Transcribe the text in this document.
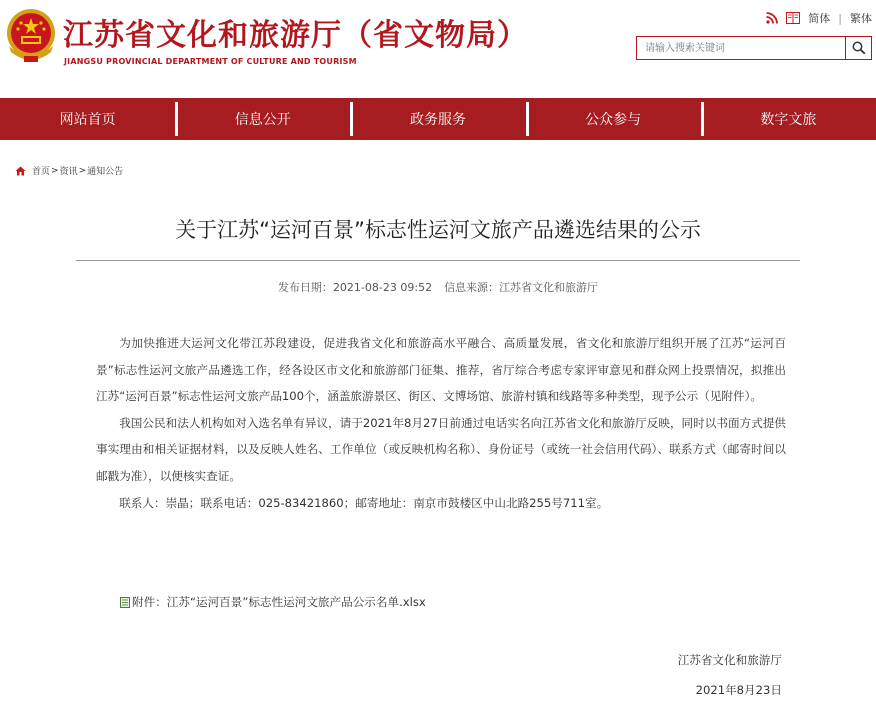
江苏省文化和旅游厅（省文物局）
JIANGSU PROVINCIAL DEPARTMENT OF CULTURE AND TOURISM
简体 | 繁体
请输入搜索关键词
网站首页	信息公开	政务服务	公众参与	数字文旅
首页 > 资讯 > 通知公告
关于江苏“运河百景”标志性运河文旅产品遴选结果的公示
发布日期：2021-08-23 09:52 信息来源：江苏省文化和旅游厅

为加快推进大运河文化带江苏段建设，促进我省文化和旅游高水平融合、高质量发展，省文化和旅游厅组织开展了江苏“运河百景”标志性运河文旅产品遴选工作，经各设区市文化和旅游部门征集、推荐，省厅综合考虑专家评审意见和群众网上投票情况，拟推出江苏“运河百景”标志性运河文旅产品100个，涵盖旅游景区、街区、文博场馆、旅游村镇和线路等多种类型，现予公示（见附件）。

我国公民和法人机构如对入选名单有异议，请于2021年8月27日前通过电话实名向江苏省文化和旅游厅反映，同时以书面方式提供事实理由和相关证据材料，以及反映人姓名、工作单位（或反映机构名称）、身份证号（或统一社会信用代码）、联系方式（邮寄时间以邮戳为准），以便核实查证。

联系人：崇晶；联系电话：025-83421860；邮寄地址：南京市鼓楼区中山北路255号711室。

附件： 江苏“运河百景”标志性运河文旅产品公示名单.xlsx
江苏省文化和旅游厅
2021年8月23日
